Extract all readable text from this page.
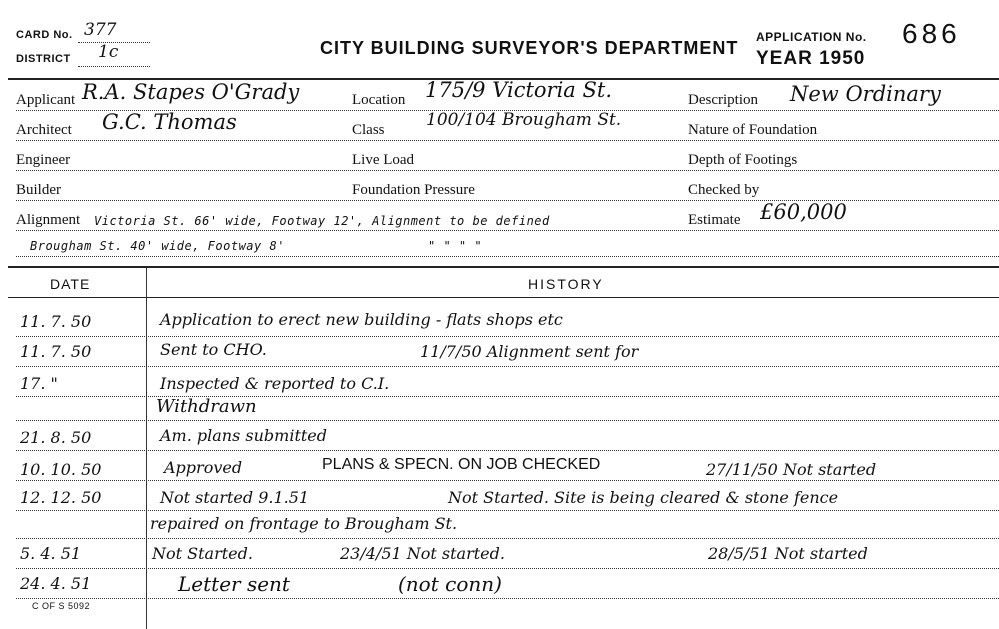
CARD No. 377
DISTRICT 1c	CITY BUILDING SURVEYOR'S DEPARTMENT
APPLICATION No. 686
YEAR 1950
Applicant R.A. Stapes O'Grady	Location 175/9 Victoria St.	Description New Ordinary
Architect G.C. Thomas	Class 100/104 Brougham St.	Nature of Foundation
Engineer	Live Load	Depth of Footings
Builder	Foundation Pressure	Checked by
Alignment Victoria St. 66' wide, Footway 12', Alignment to be defined	Estimate £60,000
Brougham St. 40' wide, Footway 8'	" " " "
DATE	HISTORY
11. 7. 50	Application to erect new building - flats shops etc
11. 7. 50	Sent to CHO.	11/7/50 Alignment sent for
17. "	Inspected & reported to C.I.
Withdrawn
21. 8. 50	Am. plans submitted
10. 10. 50	Approved	PLANS & SPECN. ON JOB CHECKED	27/11/50 Not started
12. 12. 50	Not started 9.1.51	Not Started. Site is being cleared & stone fence
repaired on frontage to Brougham St.
5. 4. 51	Not Started.	23/4/51 Not started.	28/5/51 Not started
24. 4. 51	Letter sent	(not conn)
C OF S 5092
